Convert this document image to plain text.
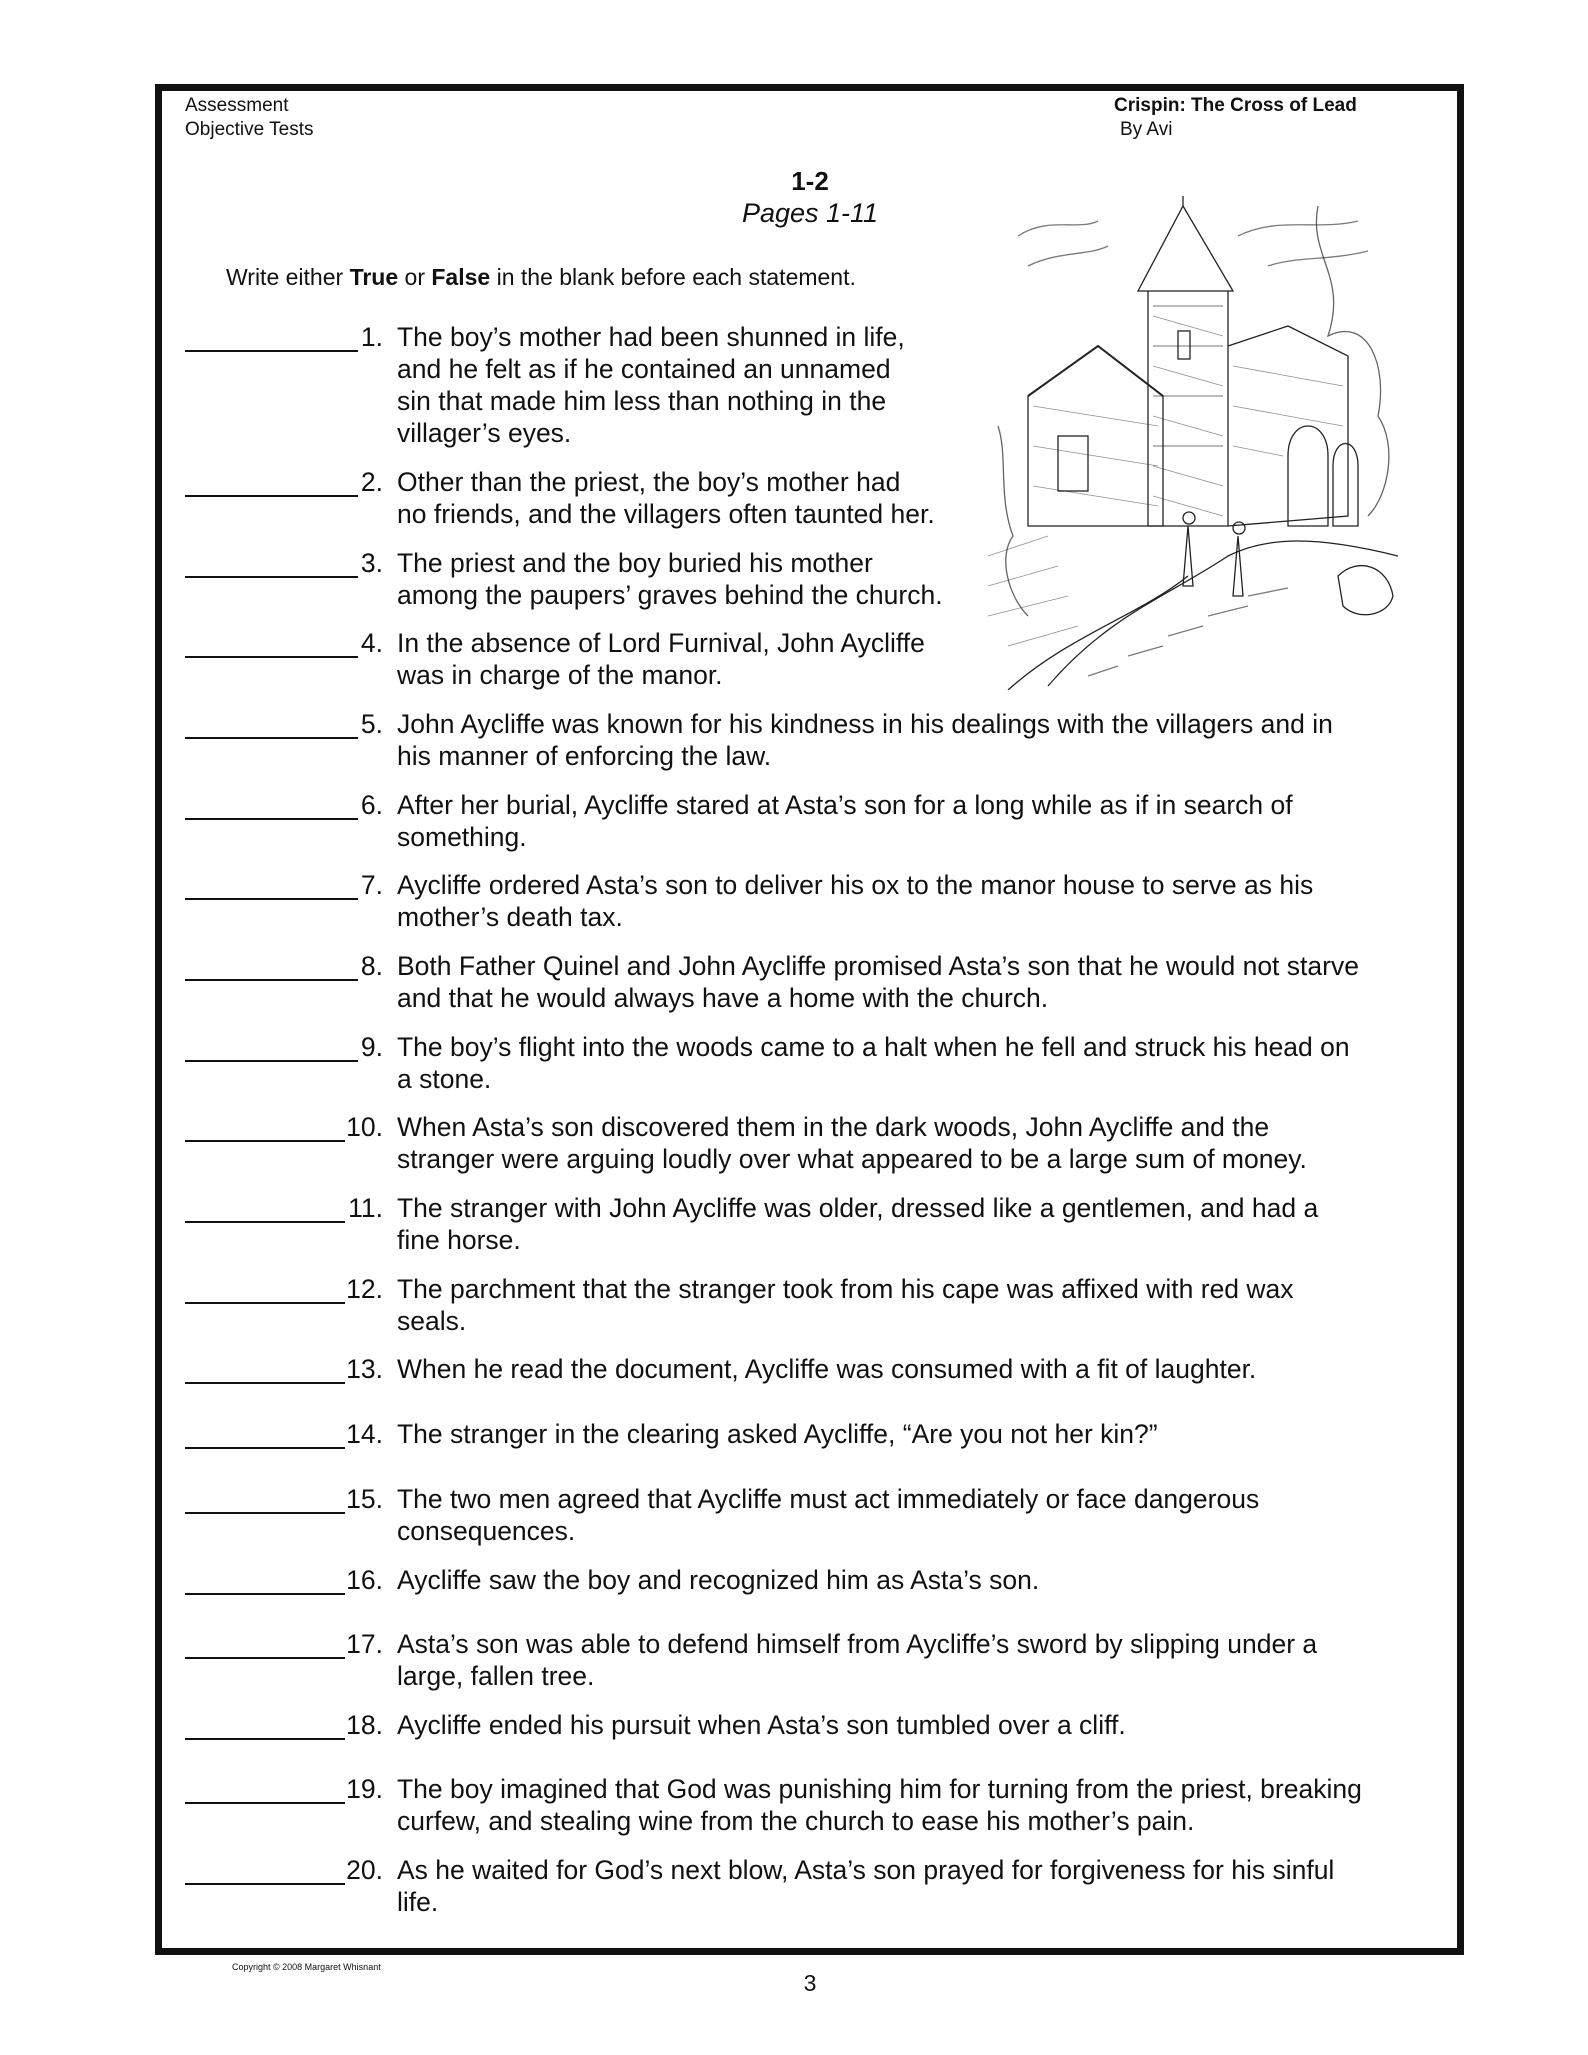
Assessment
Objective Tests
Crispin: The Cross of Lead
By Avi
1-2
Pages 1-11
Write either True or False in the blank before each statement.
1. The boy’s mother had been shunned in life,
and he felt as if he contained an unnamed
sin that made him less than nothing in the
villager’s eyes.
2. Other than the priest, the boy’s mother had
no friends, and the villagers often taunted her.
3. The priest and the boy buried his mother
among the paupers’ graves behind the church.
4. In the absence of Lord Furnival, John Aycliffe
was in charge of the manor.
5. John Aycliffe was known for his kindness in his dealings with the villagers and in
his manner of enforcing the law.
6. After her burial, Aycliffe stared at Asta’s son for a long while as if in search of
something.
7. Aycliffe ordered Asta’s son to deliver his ox to the manor house to serve as his
mother’s death tax.
8. Both Father Quinel and John Aycliffe promised Asta’s son that he would not starve
and that he would always have a home with the church.
9. The boy’s flight into the woods came to a halt when he fell and struck his head on
a stone.
10. When Asta’s son discovered them in the dark woods, John Aycliffe and the
stranger were arguing loudly over what appeared to be a large sum of money.
11. The stranger with John Aycliffe was older, dressed like a gentlemen, and had a
fine horse.
12. The parchment that the stranger took from his cape was affixed with red wax
seals.
13. When he read the document, Aycliffe was consumed with a fit of laughter.
14. The stranger in the clearing asked Aycliffe, “Are you not her kin?”
15. The two men agreed that Aycliffe must act immediately or face dangerous
consequences.
16. Aycliffe saw the boy and recognized him as Asta’s son.
17. Asta’s son was able to defend himself from Aycliffe’s sword by slipping under a
large, fallen tree.
18. Aycliffe ended his pursuit when Asta’s son tumbled over a cliff.
19. The boy imagined that God was punishing him for turning from the priest, breaking
curfew, and stealing wine from the church to ease his mother’s pain.
20. As he waited for God’s next blow, Asta’s son prayed for forgiveness for his sinful
life.
Copyright © 2008 Margaret Whisnant
3
